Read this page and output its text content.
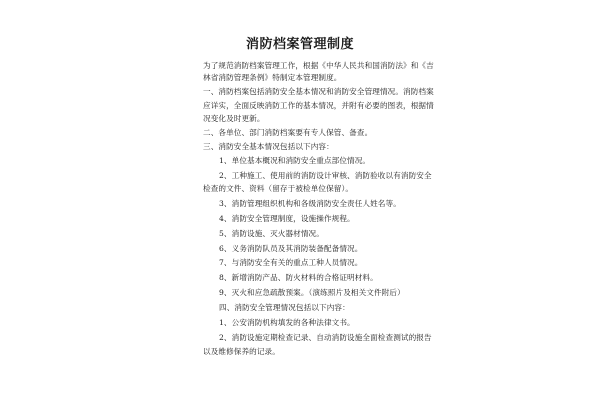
消防档案管理制度
为了规范消防档案管理工作，根据《中华人民共和国消防法》和《吉
林省消防管理条例》特制定本管理制度。
一、消防档案包括消防安全基本情况和消防安全管理情况。消防档案
应详实，全面反映消防工作的基本情况，并附有必要的图表，根据情
况变化及时更新。
二、各单位、部门消防档案要有专人保管、备查。
三、消防安全基本情况包括以下内容：
1、单位基本概况和消防安全重点部位情况。
2、工种施工、使用前的消防设计审核、消防验收以有消防安全
检查的文件、资料（留存于被检单位保留）。
3、消防管理组织机构和各级消防安全责任人姓名等。
4、消防安全管理制度，设施操作规程。
5、消防设施、灭火器材情况。
6、义务消防队员及其消防装备配备情况。
7、与消防安全有关的重点工种人员情况。
8、新增消防产品、防火材料的合格证明材料。
9、灭火和应急疏散预案。（演练照片及相关文件附后）
四、消防安全管理情况包括以下内容：
1、公安消防机构填发的各种法律文书。
2、消防设施定期检查记录、自动消防设施全面检查测试的报告
以及维修保养的记录。
